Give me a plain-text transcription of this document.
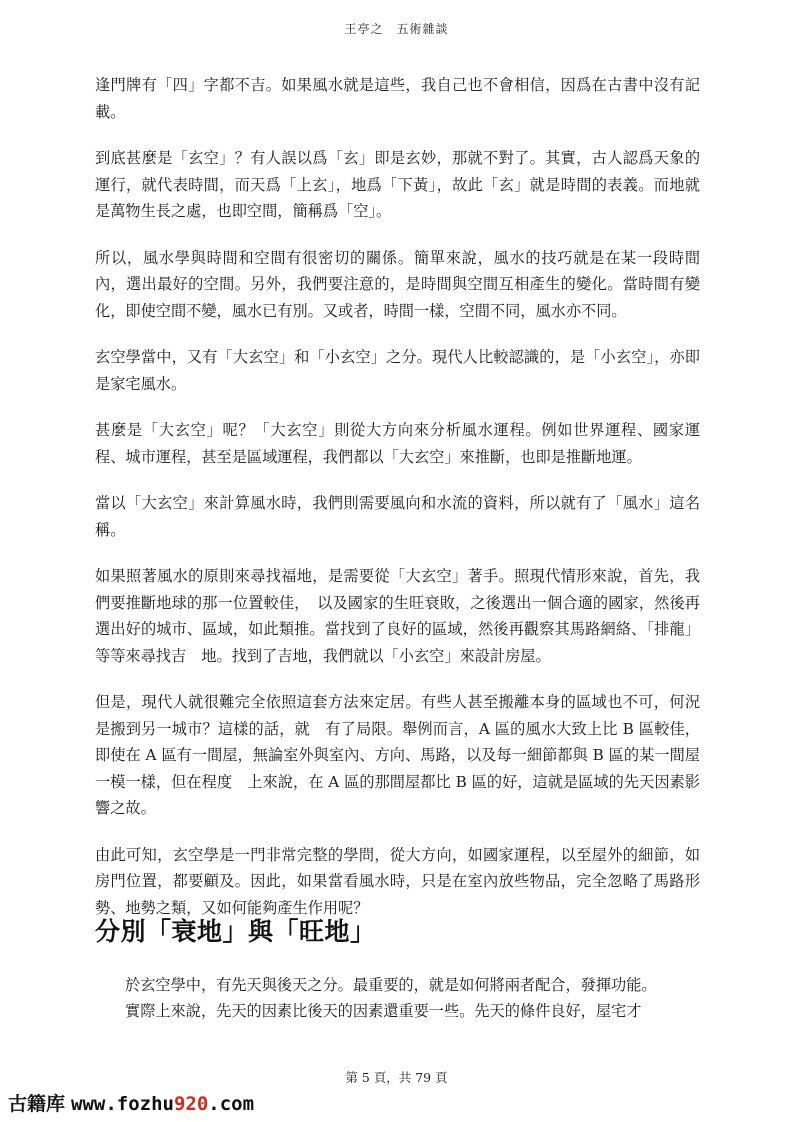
王亭之　五術雜談

逢門牌有「四」字都不吉。如果風水就是這些，我自己也不會相信，因爲在古書中沒有記載。

到底甚麼是「玄空」？有人誤以爲「玄」即是玄妙，那就不對了。其實，古人認爲天象的運行，就代表時間，而天爲「上玄」，地爲「下黃」，故此「玄」就是時間的表義。而地就是萬物生長之處，也即空間，簡稱爲「空」。

所以，風水學與時間和空間有很密切的關係。簡單來說，風水的技巧就是在某一段時間內，選出最好的空間。另外，我們要注意的，是時間與空間互相產生的變化。當時間有變化，即使空間不變，風水已有別。又或者，時間一樣，空間不同，風水亦不同。

玄空學當中，又有「大玄空」和「小玄空」之分。現代人比較認識的，是「小玄空」，亦即是家宅風水。

甚麼是「大玄空」呢？「大玄空」則從大方向來分析風水運程。例如世界運程、國家運程、城市運程，甚至是區域運程，我們都以「大玄空」來推斷，也即是推斷地運。

當以「大玄空」來計算風水時，我們則需要風向和水流的資料，所以就有了「風水」這名稱。

如果照著風水的原則來尋找福地，是需要從「大玄空」著手。照現代情形來說，首先，我們要推斷地球的那一位置較佳，　以及國家的生旺衰敗，之後選出一個合適的國家，然後再選出好的城市、區域，如此類推。當找到了良好的區域，然後再觀察其馬路網絡、「排龍」等等來尋找吉　地。找到了吉地，我們就以「小玄空」來設計房屋。

但是，現代人就很難完全依照這套方法來定居。有些人甚至搬離本身的區域也不可，何況是搬到另一城市？這樣的話，就　有了局限。舉例而言，A 區的風水大致上比 B 區較佳，即使在 A 區有一間屋，無論室外與室內、方向、馬路，以及每一細節都與 B 區的某一間屋一模一樣，但在程度　上來說，在 A 區的那間屋都比 B 區的好，這就是區域的先天因素影響之故。

由此可知，玄空學是一門非常完整的學問，從大方向，如國家運程，以至屋外的細節，如房門位置，都要顧及。因此，如果當看風水時，只是在室內放些物品，完全忽略了馬路形勢、地勢之類，又如何能夠產生作用呢？

分別「衰地」與「旺地」
於玄空學中，有先天與後天之分。最重要的，就是如何將兩者配合，發揮功能。
實際上來說，先天的因素比後天的因素還重要一些。先天的條件良好，屋宅才
第 5 頁，共 79 頁
古籍库 www.fozhu920.com
